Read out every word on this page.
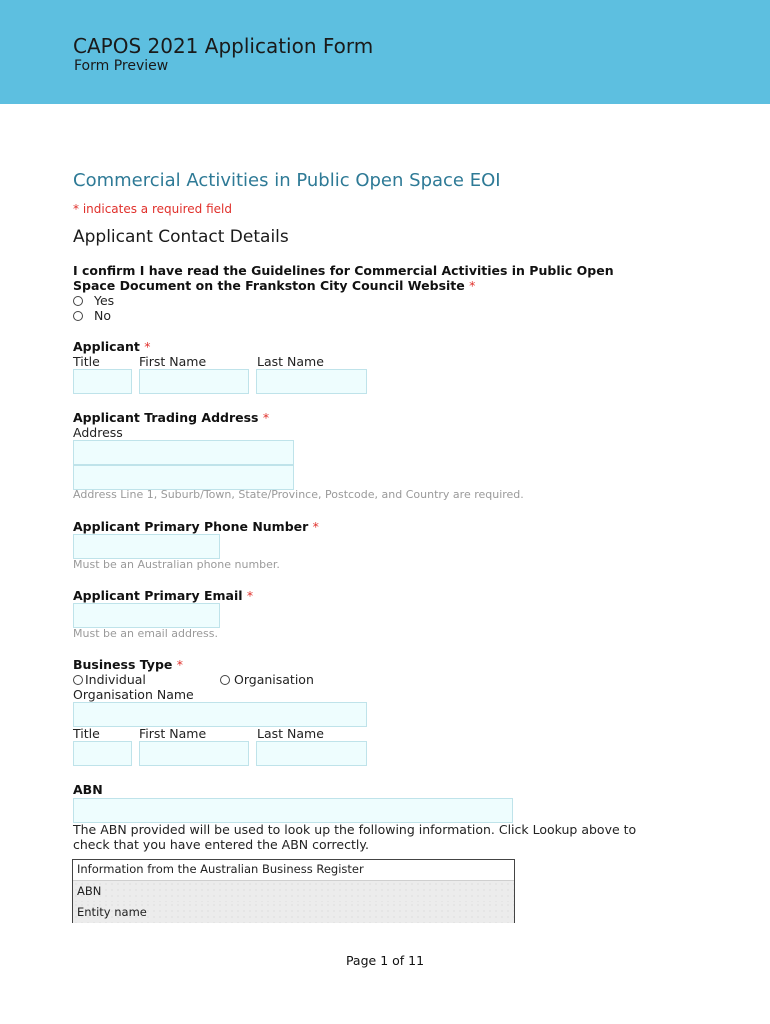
CAPOS 2021 Application Form
Form Preview
Commercial Activities in Public Open Space EOI
* indicates a required field
Applicant Contact Details
I confirm I have read the Guidelines for Commercial Activities in Public Open
Space Document on the Frankston City Council Website *
Yes
No
Applicant *
Title	First Name	Last Name
Applicant Trading Address *
Address
Address Line 1, Suburb/Town, State/Province, Postcode, and Country are required.
Applicant Primary Phone Number *
Must be an Australian phone number.
Applicant Primary Email *
Must be an email address.
Business Type *
Individual	Organisation
Organisation Name
Title	First Name	Last Name
ABN
The ABN provided will be used to look up the following information. Click Lookup above to
check that you have entered the ABN correctly.
Information from the Australian Business Register
ABN
Entity name
Page 1 of 11
